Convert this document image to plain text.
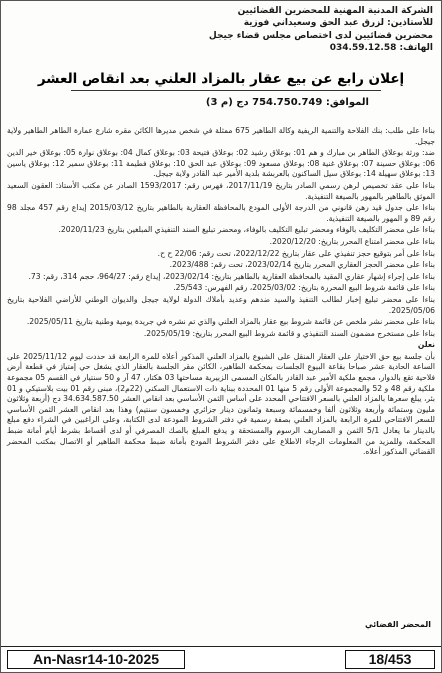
الشركة المدنية المهنية للمحضرين القضائيين
للأستاذين: لزرق عبد الحق وسعيداني فوزية
محضرين قضائيين لدى اختصاص مجلس قضاء جيجل
الهاتف: 034.59.12.58
إعلان رابع عن بيع عقار بالمزاد العلني بعد انقاص العشر
الموافق: 754.750.749 دج (م 3)

بناءا على طلب: بنك الفلاحة والتنمية الريفية وكالة الطاهير 675 ممثلة في شخص مديرها الكائن مقره شارع عمارة الطاهر الطاهير ولاية جيجل.

ضد: ورثة بوعلاق الطاهر بن مبارك و هم 01: بوعلاق رشيد 02: بوعلاق فتيحة 03: بوعلاق كمال 04: بوعلاق نوارة 05: بوعلاق خير الدين 06: بوعلاق حسينة 07: بوعلاق غنية 08: بوعلاق مسعود 09: بوعلاق عبد الحق 10: بوعلاق فطيمة 11: بوعلاق سمير 12: بوعلاق ياسين 13: بوعلاق سهيلة 14: بوعلاق سيل الساكنون بالعربشة بلدية الأمير عبد القادر ولاية جيجل.

بناءا على عقد تخصيص لرهن رسمي الصادر بتاريخ 2017/11/19، فهرس رقم: 1593/2017 الصادر عن مكتب الأستاذ: العقون السعيد الموثق بالطاهير بالمهور بالصيغة التنفيذية.

بناءا على جدول قيد رهن قانوني من الدرجة الأولى المودع بالمحافظة العقارية بالطاهير بتاريخ 2015/03/12 إيداع رقم 457 مجلد 98 رقم 89 و المهور بالصيغة التنفيذية.

بناءا على محضر التكليف بالوفاء ومحضر تبليغ التكليف بالوفاء، ومحضر تبليغ السند التنفيذي المبلغين بتاريخ 2020/11/23.

بناءا على محضر امتناع المحرر بتاريخ: 2020/12/20.

بناءا على أمر بتوقيع حجز تنفيذي على عقار بتاريخ 2022/12/22، تحت رقم: 22/06 ح ح.

بناءا على محضر الحجز العقاري المحرر بتاريخ 2023/02/14، تحت رقم: 2023/488.

بناءا على إجراء إشهار عقاري المقيد بالمحافظة العقارية بالطاهير بتاريخ: 2023/02/14، إيداع رقم: 964/27، حجم 314، رقم: 73.

بناءا على قائمة شروط البيع المحررة بتاريخ: 2025/03/02، رقم الفهرس: 25/543.

بناءا على محضر تبليغ إخبار لطالب التنفيذ والسيد ضدهم وعديد بأملاك الدولة لولاية جيجل والديوان الوطني للأراضي الفلاحية بتاريخ 2025/05/06.

بناءا على محضر نشر ملخص عن قائمة شروط بيع عقار بالمزاد العلني والذي تم نشره في جريدة يومية وطنية بتاريخ 2025/05/11.

بناءا على مستخرج مضمون السند التنفيذي و قائمة شروط البيع المحرر بتاريخ: 2025/05/19.

نعلن

بأن جلسة بيع حق الاختيار على العقار المنقل على الشيوع بالمزاد العلني المذكور أعلاه للمرة الرابعة قد حددت ليوم 2025/11/12 على الساعة الحادية عشر صباحا بقاعة البيوع الجلسات بمحكمة الطاهير، الكائن مقر الجلسة بالعقار الذي يشغل حي إمتياز في قطعة أرض فلاحية تقع بالدوار، مجمع ملكية الأمير عبد القادر بالمكان المسمى الزبيرية مساحتها 03 هكتار، 47 آر و 50 سنتيار في القسم 05 مجموعة ملكية رقم 48 و 52 والمجموعة الأولى رقم 5 منها 01 المحددة ببناية ذات الاستعمال السكني (22م2)، مبنى رقم 01 بيت بلاستيكي و 01 بئر، يبلغ سعرها بالمزاد العلني بالسعر الافتتاحي المحدد على أساس الثمن الأساسي بعد انقاص العشر 34.634.587.50 دج (أربعة وثلاثون مليون وستمائة وأربعة وثلاثون ألفا وخمسمائة وسبعة وثمانون دينار جزائري وخمسون سنتيم) وهذا بعد انقاص العشر الثمن الأساسي للسعر الافتتاحي للمرة الرابعة بالمزاد العلني بصفة رسمية في دفتر الشروط المودعة لدى الكتابة، وعلى الراغبين في الشراء دفع مبلغ بالدينار ما يعادل 5/1 الثمن و المصاريف الرسوم والمستحقة و يدفع المبلغ بالصك المصرفي أو لدى أقساط بشرط أيام أمانة ضبط المحكمة، وللمزيد من المعلومات الرجاء الاطلاع على دفتر الشروط المودع بأمانة ضبط محكمة الطاهير أو الاتصال بمكتب المحضر القضائي المذكور أعلاه.

المحضر القضائي
An-Nasr14-10-2025	18/453
